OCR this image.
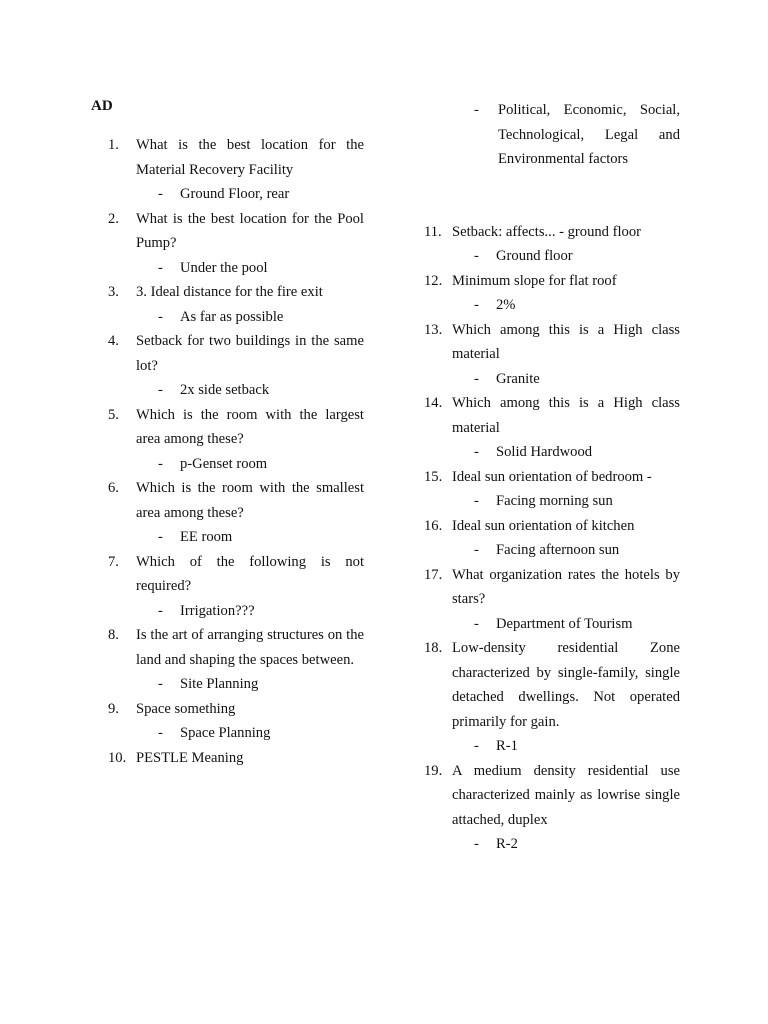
AD
1.	What is the best location for the Material Recovery Facility
-	Ground Floor, rear
2.	What is the best location for the Pool Pump?
-	Under the pool
3.	3. Ideal distance for the fire exit
-	As far as possible
4.	Setback for two buildings in the same lot?
-	2x side setback
5.	Which is the room with the largest area among these?
-	p-Genset room
6.	Which is the room with the smallest area among these?
-	EE room
7.	Which of the following is not required?
-	Irrigation???
8.	Is the art of arranging structures on the land and shaping the spaces between.
-	Site Planning
9.	Space something
-	Space Planning
10. PESTLE Meaning
-	Political, Economic, Social, Technological, Legal and Environmental factors
11. Setback: affects... - ground floor
-	Ground floor
12. Minimum slope for flat roof
-	2%
13. Which among this is a High class material
-	Granite
14. Which among this is a High class material
-	Solid Hardwood
15. Ideal sun orientation of bedroom -
-	Facing morning sun
16. Ideal sun orientation of kitchen
-	Facing afternoon sun
17. What organization rates the hotels by stars?
-	Department of Tourism
18. Low-density residential Zone characterized by single-family, single detached dwellings. Not operated primarily for gain.
-	R-1
19. A medium density residential use characterized mainly as lowrise single attached, duplex
-	R-2
